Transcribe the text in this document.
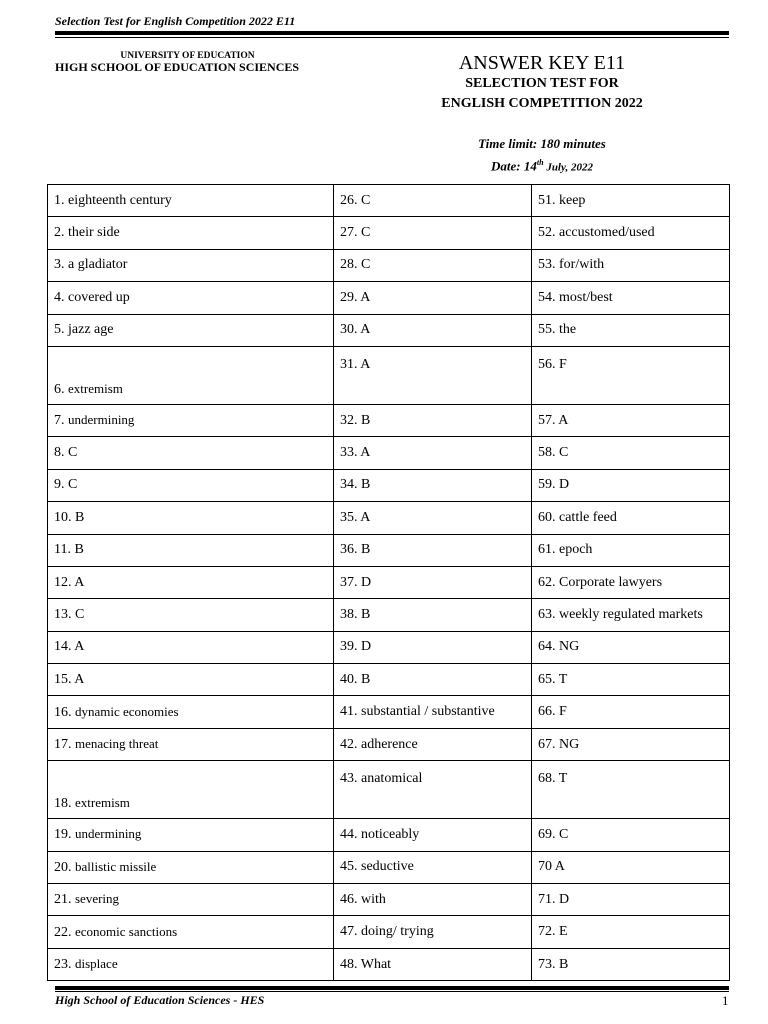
Selection Test for English Competition 2022 E11
UNIVERSITY OF EDUCATION
HIGH SCHOOL OF EDUCATION SCIENCES	ANSWER KEY E11
SELECTION TEST FOR
ENGLISH COMPETITION 2022
Time limit: 180 minutes
Date: 14th July, 2022
1. eighteenth century	26. C	51. keep
2. their side	27. C	52. accustomed/used
3. a gladiator	28. C	53. for/with
4. covered up	29. A	54. most/best
5. jazz age	30. A	55. the
6. extremism	31. A	56. F
7. undermining	32. B	57. A
8. C	33. A	58. C
9. C	34. B	59. D
10. B	35. A	60. cattle feed
11. B	36. B	61. epoch
12. A	37. D	62. Corporate lawyers
13. C	38. B	63. weekly regulated markets
14. A	39. D	64. NG
15. A	40. B	65. T
16. dynamic economies	41. substantial / substantive	66. F
17. menacing threat	42. adherence	67. NG
18. extremism	43. anatomical	68. T
19. undermining	44. noticeably	69. C
20. ballistic missile	45. seductive	70 A
21. severing	46. with	71. D
22. economic sanctions	47. doing/ trying	72. E
23. displace	48. What	73. B
High School of Education Sciences - HES	1
